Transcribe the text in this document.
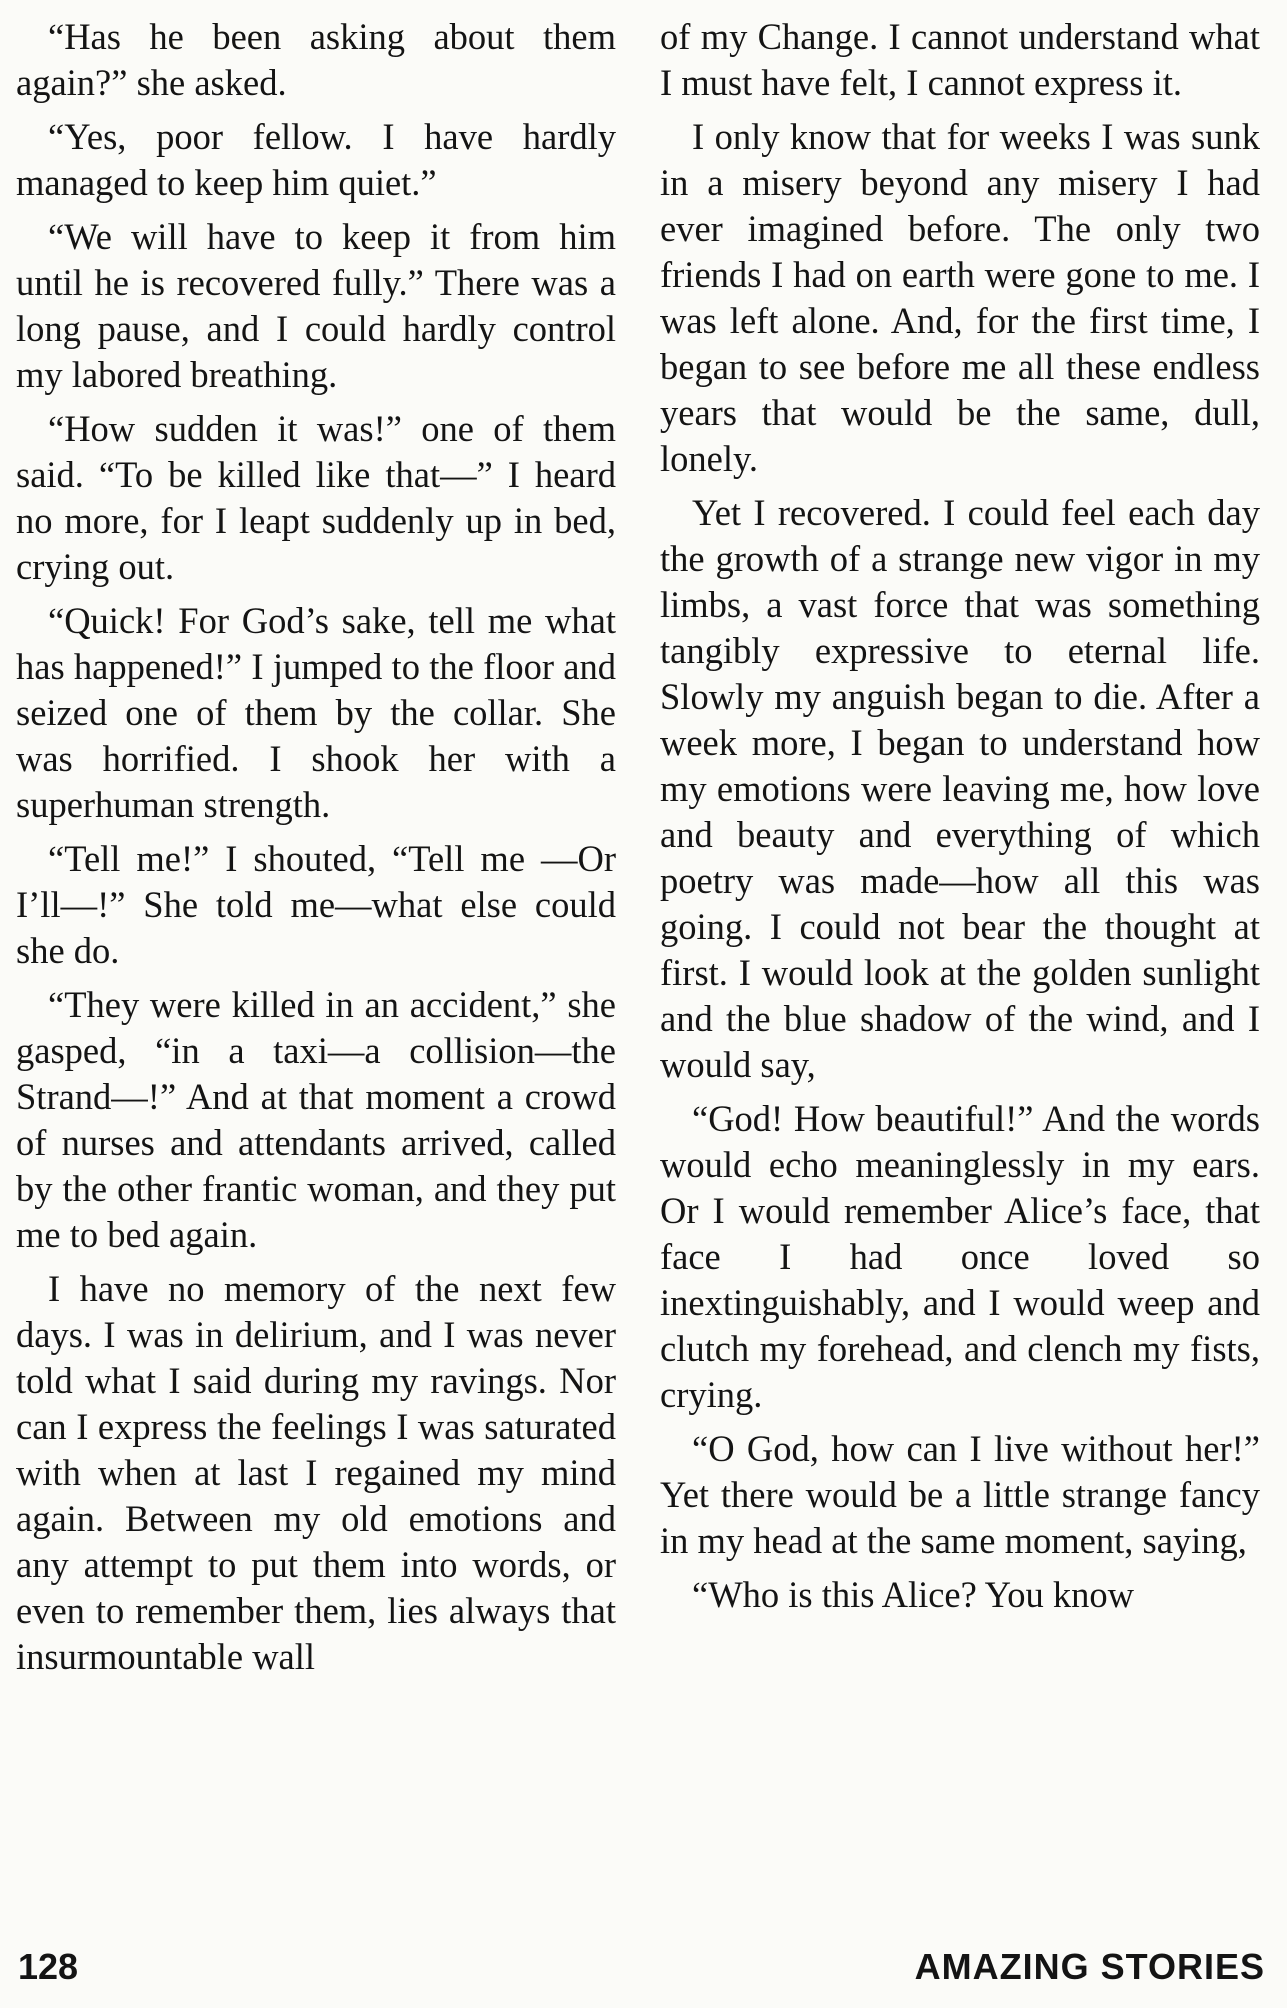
“Has he been asking about them again?” she asked.

“Yes, poor fellow. I have hardly managed to keep him quiet.”

“We will have to keep it from him until he is recovered fully.” There was a long pause, and I could hardly control my labored breathing.

“How sudden it was!” one of them said. “To be killed like that—” I heard no more, for I leapt suddenly up in bed, crying out.

“Quick! For God’s sake, tell me what has happened!” I jumped to the floor and seized one of them by the collar. She was horrified. I shook her with a superhuman strength.

“Tell me!” I shouted, “Tell me —Or I’ll—!” She told me—what else could she do.

“They were killed in an accident,” she gasped, “in a taxi—a collision—the Strand—!” And at that moment a crowd of nurses and attendants arrived, called by the other frantic woman, and they put me to bed again.

I have no memory of the next few days. I was in delirium, and I was never told what I said during my ravings. Nor can I express the feelings I was saturated with when at last I regained my mind again. Between my old emotions and any attempt to put them into words, or even to remember them, lies always that insurmountable wall

of my Change. I cannot understand what I must have felt, I cannot express it.

I only know that for weeks I was sunk in a misery beyond any misery I had ever imagined before. The only two friends I had on earth were gone to me. I was left alone. And, for the first time, I began to see before me all these endless years that would be the same, dull, lonely.

Yet I recovered. I could feel each day the growth of a strange new vigor in my limbs, a vast force that was something tangibly expressive to eternal life. Slowly my anguish began to die. After a week more, I began to understand how my emotions were leaving me, how love and beauty and everything of which poetry was made—how all this was going. I could not bear the thought at first. I would look at the golden sunlight and the blue shadow of the wind, and I would say,

“God! How beautiful!” And the words would echo meaninglessly in my ears. Or I would remember Alice’s face, that face I had once loved so inextinguishably, and I would weep and clutch my forehead, and clench my fists, crying.

“O God, how can I live without her!” Yet there would be a little strange fancy in my head at the same moment, saying,

“Who is this Alice? You know

128	AMAZING STORIES
